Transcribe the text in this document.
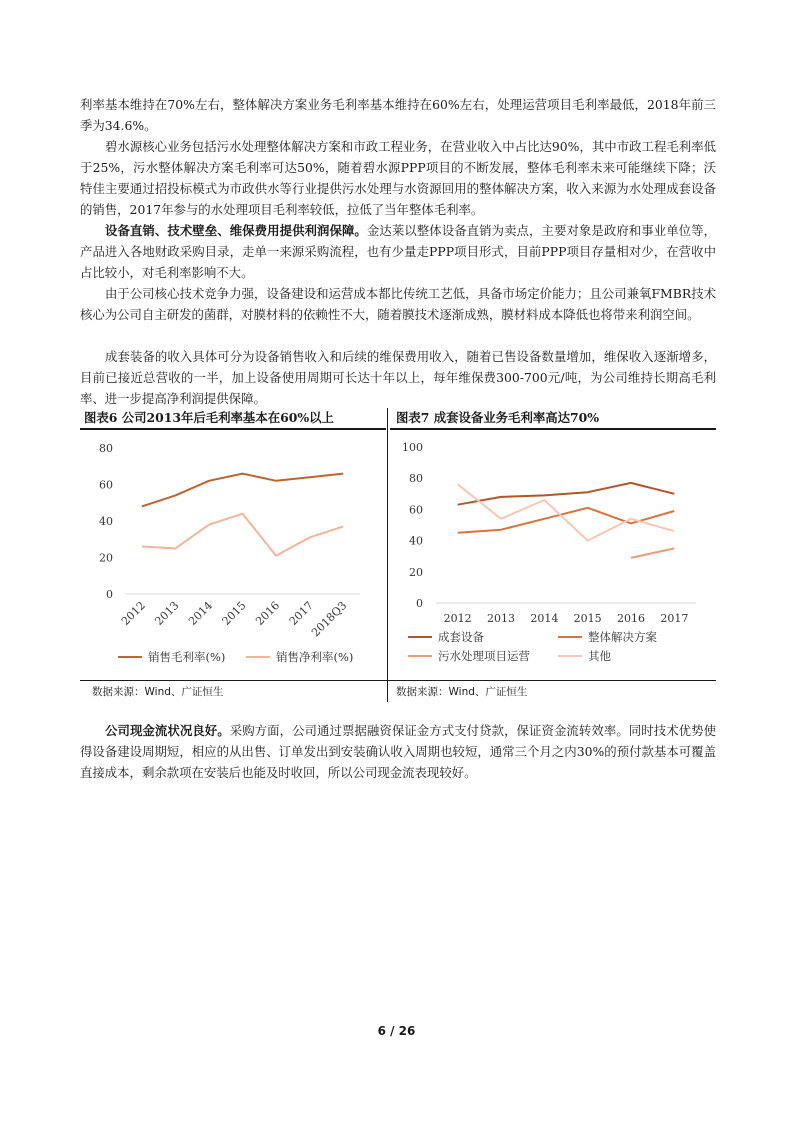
利率基本维持在70%左右，整体解决方案业务毛利率基本维持在60%左右，处理运营项目毛利率最低，2018年前三季为34.6%。

碧水源核心业务包括污水处理整体解决方案和市政工程业务，在营业收入中占比达90%，其中市政工程毛利率低于25%，污水整体解决方案毛利率可达50%，随着碧水源PPP项目的不断发展，整体毛利率未来可能继续下降；沃特佳主要通过招投标模式为市政供水等行业提供污水处理与水资源回用的整体解决方案，收入来源为水处理成套设备的销售，2017年参与的水处理项目毛利率较低，拉低了当年整体毛利率。

设备直销、技术壁垒、维保费用提供利润保障。金达莱以整体设备直销为卖点，主要对象是政府和事业单位等，产品进入各地财政采购目录，走单一来源采购流程，也有少量走PPP项目形式，目前PPP项目存量相对少，在营收中占比较小，对毛利率影响不大。

由于公司核心技术竞争力强，设备建设和运营成本都比传统工艺低，具备市场定价能力；且公司兼氧FMBR技术核心为公司自主研发的菌群，对膜材料的依赖性不大，随着膜技术逐渐成熟，膜材料成本降低也将带来利润空间。

成套装备的收入具体可分为设备销售收入和后续的维保费用收入，随着已售设备数量增加，维保收入逐渐增多，目前已接近总营收的一半，加上设备使用周期可长达十年以上，每年维保费300-700元/吨，为公司维持长期高毛利率、进一步提高净利润提供保障。

图表6 公司2013年后毛利率基本在60%以上	图表7 成套设备业务毛利率高达70%

0
20
40
60
80
2012 2013 2014 2015 2016 2017
2018Q3
销售毛利率(%)	销售净利率(%)
0
20
40
60
80
100
2012 2013 2014 2015 2016 2017
成套设备	整体解决方案
污水处理项目运营	其他

数据来源：Wind、广证恒生	数据来源：Wind、广证恒生

公司现金流状况良好。采购方面，公司通过票据融资保证金方式支付贷款，保证资金流转效率。同时技术优势使得设备建设周期短，相应的从出售、订单发出到安装确认收入周期也较短，通常三个月之内30%的预付款基本可覆盖直接成本，剩余款项在安装后也能及时收回，所以公司现金流表现较好。

6 / 26
